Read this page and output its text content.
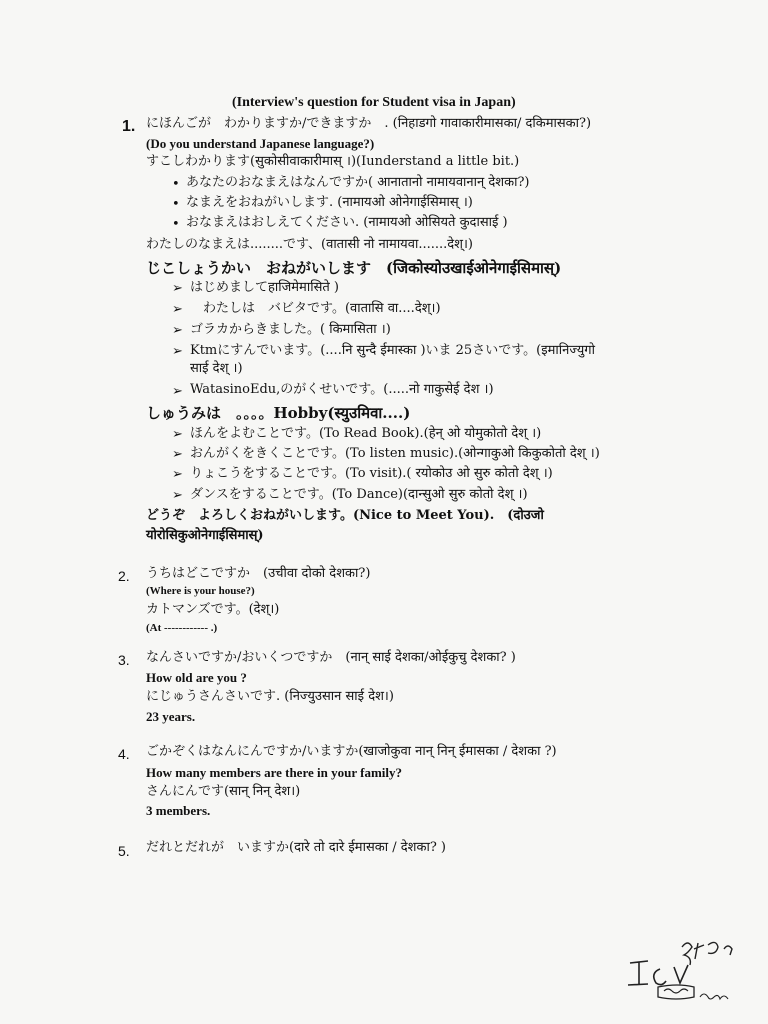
(Interview's question for Student visa in Japan)
1. にほんごが　わかりますか/できますか　. (निहाडगो गावाकारीमासका/ दकिमासका?)
(Do you understand Japanese language?)
すこしわかります(सुकोसीवाकारीमास् ।)(Iunderstand a little bit.)
• あなたのおなまえはなんですか( आनातानो नामायवानान् देशका?)
• なまえをおねがいします. (नामायओ ओनेगाईसिमास् ।)
• おなまえはおしえてください. (नामायओ ओसियते कुदासाई )
わたしのなまえは........です、(वातासी नो नामायवा.......देश्।)
じこしょうかい　おねがいします　(जिकोस्योउखाईओनेगाईसिमास्)
➢ はじめましてहाजिमेमासिते )
➢ 　わたしは　バビタです。(वातासि वा....देश्।)
➢ ゴラカからきました。( किमासिता ।)
➢ Ktmにすんでいます。(....नि सुन्दै ईमास्का )いま 25さいです。(इमानिज्युगो
साई देश् ।)
➢ WatasinoEdu,のがくせいです。(.....नो गाकुसेई देश ।)
しゅうみは　。。。。Hobby(स्युउमिवा....)
➢ ほんをよむことです。(To Read Book).(हेन् ओ योमुकोतो देश् ।)
➢ おんがくをきくことです。(To listen music).(ओन्गाकुओ किकुकोतो देश् ।)
➢ りょこうをすることです。(To visit).( रयोकोउ ओ सुरु कोतो देश् ।)
➢ ダンスをすることです。(To Dance)(दान्सुओ सुरु कोतो देश् ।)
どうぞ　よろしくおねがいします。(Nice to Meet You).　(दोउजो
योरोसिकुओनेगाईसिमास्)
2. うちはどこですか　(उचीवा दोको देशका?)
(Where is your house?)
カトマンズです。(देश्।)
(At ------------ .)
3. なんさいですか/おいくつですか　(नान् साई देशका/ओईकुचु देशका? )
How old are you ?
にじゅうさんさいです. (निज्युउसान साई देश।)
23 years.
4. ごかぞくはなんにんですか/いますか(खाजोकुवा नान् निन् ईमासका / देशका ?)
How many members are there in your family?
さんにんです(सान् निन् देश।)
3 members.
5. だれとだれが　いますか(दारे तो दारे ईमासका / देशका? )
